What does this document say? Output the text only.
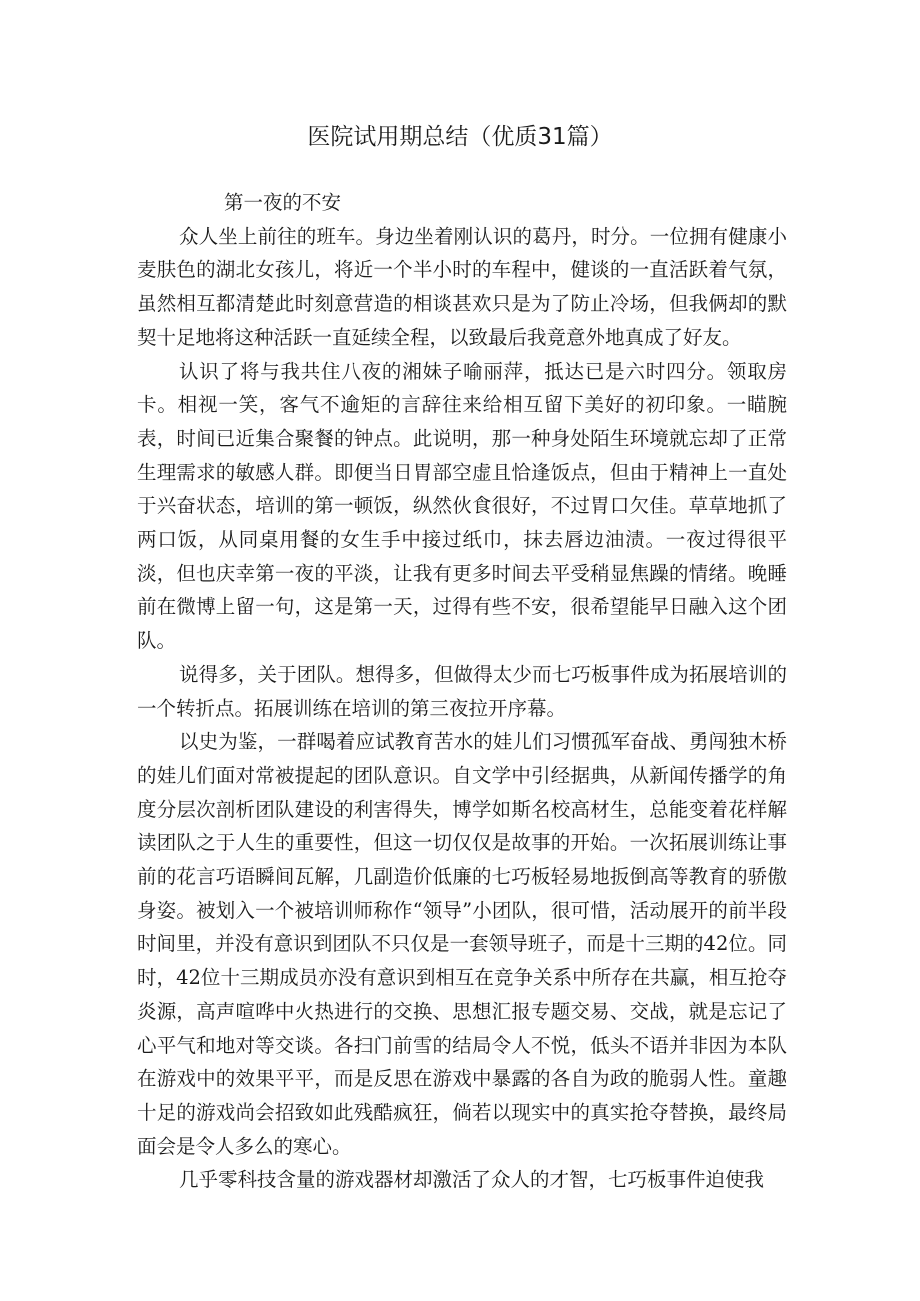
医院试用期总结（优质31篇）

第一夜的不安

众人坐上前往的班车。身边坐着刚认识的葛丹，时分。一位拥有健康小麦肤色的湖北女孩儿，将近一个半小时的车程中，健谈的一直活跃着气氛，虽然相互都清楚此时刻意营造的相谈甚欢只是为了防止冷场，但我俩却的默契十足地将这种活跃一直延续全程，以致最后我竟意外地真成了好友。

认识了将与我共住八夜的湘妹子喻丽萍，抵达已是六时四分。领取房卡。相视一笑，客气不逾矩的言辞往来给相互留下美好的初印象。一瞄腕表，时间已近集合聚餐的钟点。此说明，那一种身处陌生环境就忘却了正常生理需求的敏感人群。即便当日胃部空虚且恰逢饭点，但由于精神上一直处于兴奋状态，培训的第一顿饭，纵然伙食很好，不过胃口欠佳。草草地抓了两口饭，从同桌用餐的女生手中接过纸巾，抹去唇边油渍。一夜过得很平淡，但也庆幸第一夜的平淡，让我有更多时间去平受稍显焦躁的情绪。晚睡前在微博上留一句，这是第一天，过得有些不安，很希望能早日融入这个团队。

说得多，关于团队。想得多，但做得太少而七巧板事件成为拓展培训的一个转折点。拓展训练在培训的第三夜拉开序幕。

以史为鉴，一群喝着应试教育苦水的娃儿们习惯孤军奋战、勇闯独木桥的娃儿们面对常被提起的团队意识。自文学中引经据典，从新闻传播学的角度分层次剖析团队建设的利害得失，博学如斯名校高材生，总能变着花样解读团队之于人生的重要性，但这一切仅仅是故事的开始。一次拓展训练让事前的花言巧语瞬间瓦解，几副造价低廉的七巧板轻易地扳倒高等教育的骄傲身姿。被划入一个被培训师称作“领导”小团队，很可惜，活动展开的前半段时间里，并没有意识到团队不只仅是一套领导班子，而是十三期的42位。同时，42位十三期成员亦没有意识到相互在竞争关系中所存在共赢，相互抢夺炎源，高声喧哗中火热进行的交换、思想汇报专题交易、交战，就是忘记了心平气和地对等交谈。各扫门前雪的结局令人不悦，低头不语并非因为本队在游戏中的效果平平，而是反思在游戏中暴露的各自为政的脆弱人性。童趣十足的游戏尚会招致如此残酷疯狂，倘若以现实中的真实抢夺替换，最终局面会是令人多么的寒心。

几乎零科技含量的游戏器材却激活了众人的才智，七巧板事件迫使我
